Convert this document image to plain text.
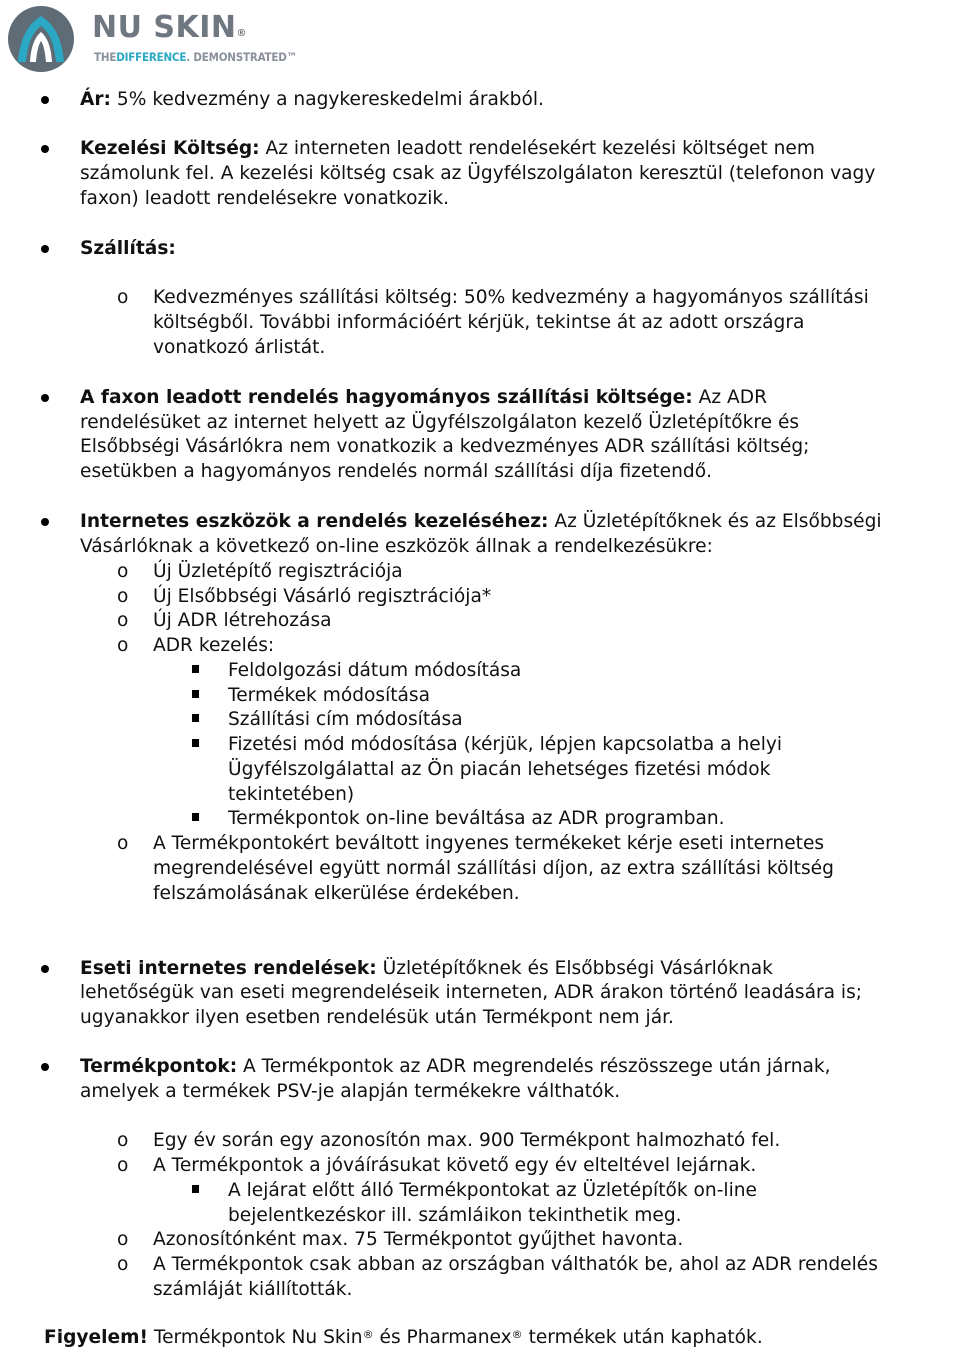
NU SKIN®
THEDIFFERENCE. DEMONSTRATED™
Ár: 5% kedvezmény a nagykereskedelmi árakból.
Kezelési Költség: Az interneten leadott rendelésekért kezelési költséget nem
számolunk fel. A kezelési költség csak az Ügyfélszolgálaton keresztül (telefonon vagy
faxon) leadott rendelésekre vonatkozik.
Szállítás:
o Kedvezményes szállítási költség: 50% kedvezmény a hagyományos szállítási
költségből. További információért kérjük, tekintse át az adott országra
vonatkozó árlistát.
A faxon leadott rendelés hagyományos szállítási költsége: Az ADR
rendelésüket az internet helyett az Ügyfélszolgálaton kezelő Üzletépítőkre és
Elsőbbségi Vásárlókra nem vonatkozik a kedvezményes ADR szállítási költség;
esetükben a hagyományos rendelés normál szállítási díja fizetendő.
Internetes eszközök a rendelés kezeléséhez: Az Üzletépítőknek és az Elsőbbségi
Vásárlóknak a következő on-line eszközök állnak a rendelkezésükre:
o Új Üzletépítő regisztrációja
o Új Elsőbbségi Vásárló regisztrációja*
o Új ADR létrehozása
o ADR kezelés:
Feldolgozási dátum módosítása
Termékek módosítása
Szállítási cím módosítása
Fizetési mód módosítása (kérjük, lépjen kapcsolatba a helyi
Ügyfélszolgálattal az Ön piacán lehetséges fizetési módok
tekintetében)
Termékpontok on-line beváltása az ADR programban.
o A Termékpontokért beváltott ingyenes termékeket kérje eseti internetes
megrendelésével együtt normál szállítási díjon, az extra szállítási költség
felszámolásának elkerülése érdekében.
Eseti internetes rendelések: Üzletépítőknek és Elsőbbségi Vásárlóknak
lehetőségük van eseti megrendeléseik interneten, ADR árakon történő leadására is;
ugyanakkor ilyen esetben rendelésük után Termékpont nem jár.
Termékpontok: A Termékpontok az ADR megrendelés részösszege után járnak,
amelyek a termékek PSV-je alapján termékekre válthatók.
o Egy év során egy azonosítón max. 900 Termékpont halmozható fel.
o A Termékpontok a jóváírásukat követő egy év elteltével lejárnak.
A lejárat előtt álló Termékpontokat az Üzletépítők on-line
bejelentkezéskor ill. számláikon tekinthetik meg.
o Azonosítónként max. 75 Termékpontot gyűjthet havonta.
o A Termékpontok csak abban az országban válthatók be, ahol az ADR rendelés
számláját kiállították.
Figyelem! Termékpontok Nu Skin® és Pharmanex® termékek után kaphatók.
